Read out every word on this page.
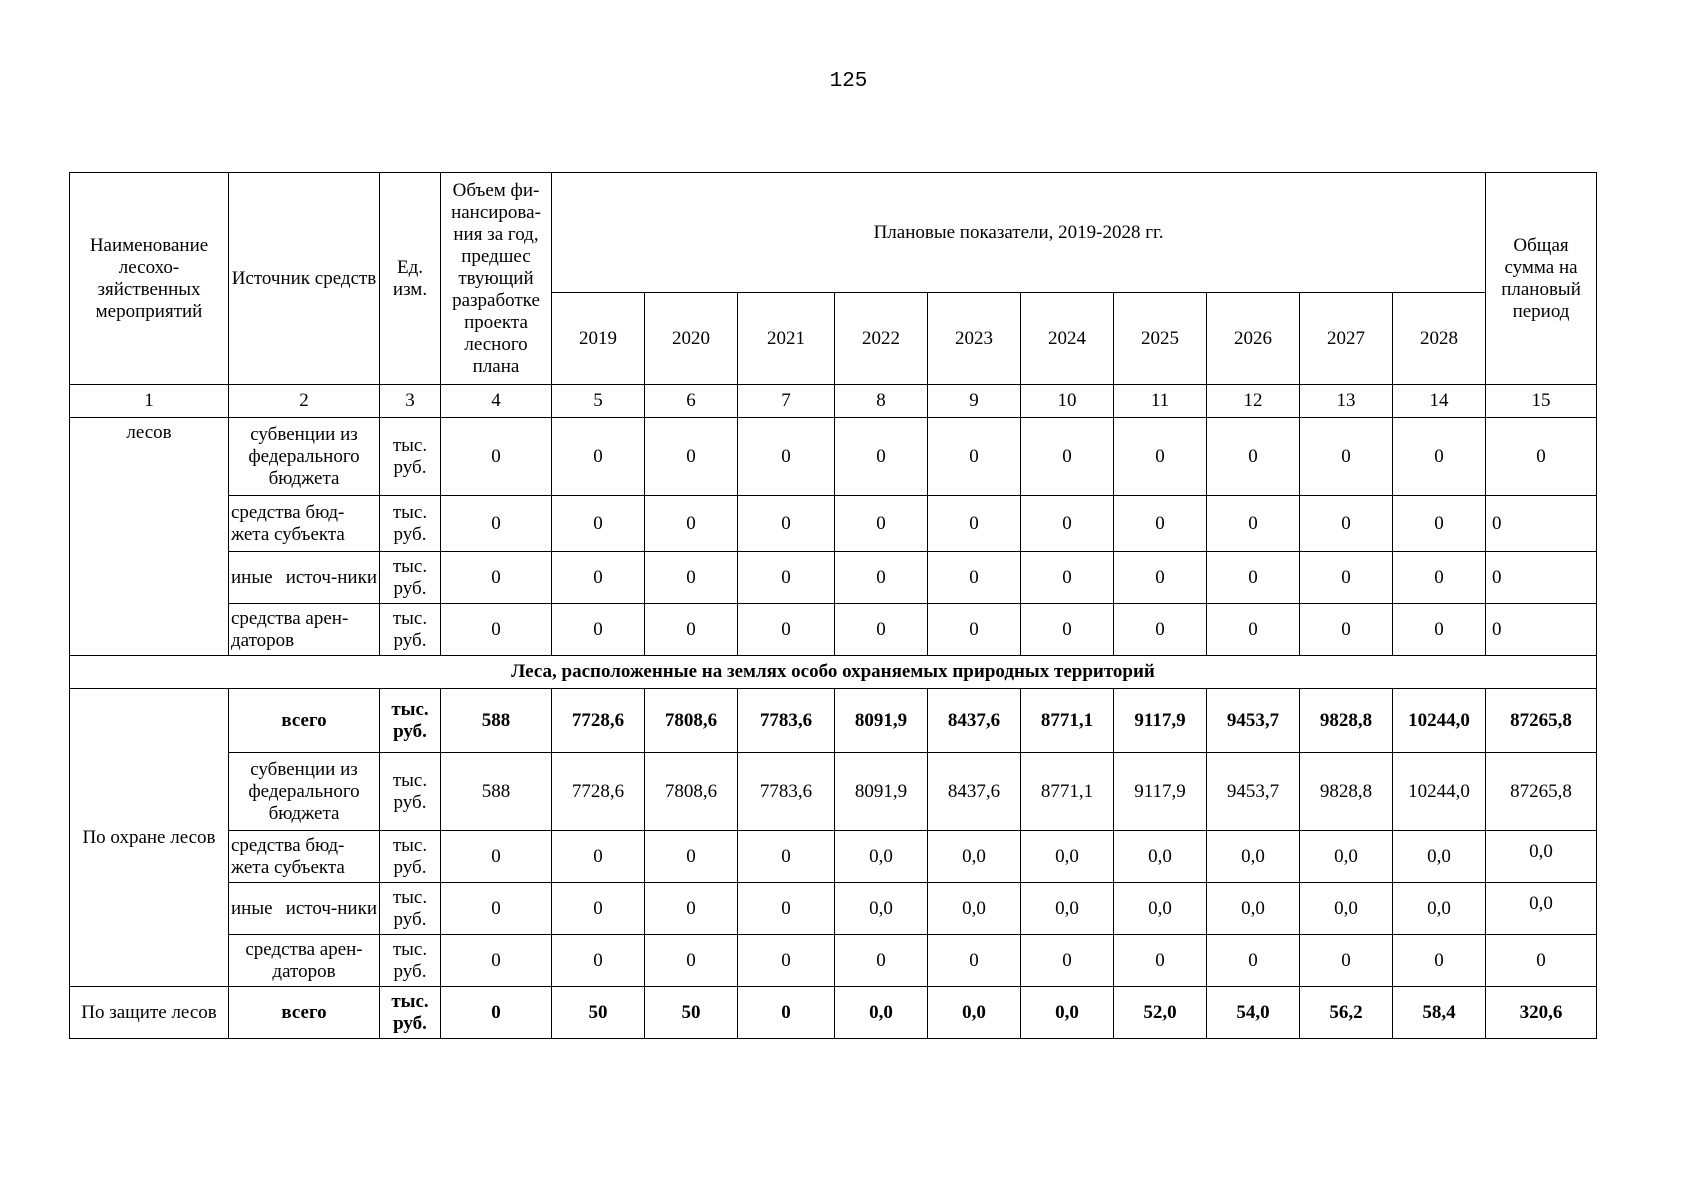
125
Наименование лесохо-зяйственных мероприятий	Источник средств	Ед. изм.	Объем фи-нансирова-ния за год, предшес твующий разработке проекта лесного плана	Плановые показатели, 2019-2028 гг.										Общая сумма на плановый период
				2019	2020	2021	2022	2023	2024	2025	2026	2027	2028	
1	2	3	4	5	6	7	8	9	10	11	12	13	14	15
лесов	субвенции из федерального бюджета	тыс. руб.	0	0	0	0	0	0	0	0	0	0	0	0
	средства бюд-жета субъекта	тыс. руб.	0	0	0	0	0	0	0	0	0	0	0	0
	иные источ-ники	тыс. руб.	0	0	0	0	0	0	0	0	0	0	0	0
	средства арен-даторов	тыс. руб.	0	0	0	0	0	0	0	0	0	0	0	0
Леса, расположенные на землях особо охраняемых природных территорий														
По охране лесов	всего	тыс. руб.	588	7728,6	7808,6	7783,6	8091,9	8437,6	8771,1	9117,9	9453,7	9828,8	10244,0	87265,8
	субвенции из федерального бюджета	тыс. руб.	588	7728,6	7808,6	7783,6	8091,9	8437,6	8771,1	9117,9	9453,7	9828,8	10244,0	87265,8
	средства бюд-жета субъекта	тыс. руб.	0	0	0	0	0,0	0,0	0,0	0,0	0,0	0,0	0,0	0,0
	иные источ-ники	тыс. руб.	0	0	0	0	0,0	0,0	0,0	0,0	0,0	0,0	0,0	0,0
	средства арен-даторов	тыс. руб.	0	0	0	0	0	0	0	0	0	0	0	0
По защите лесов	всего	тыс. руб.	0	50	50	0	0,0	0,0	0,0	52,0	54,0	56,2	58,4	320,6
